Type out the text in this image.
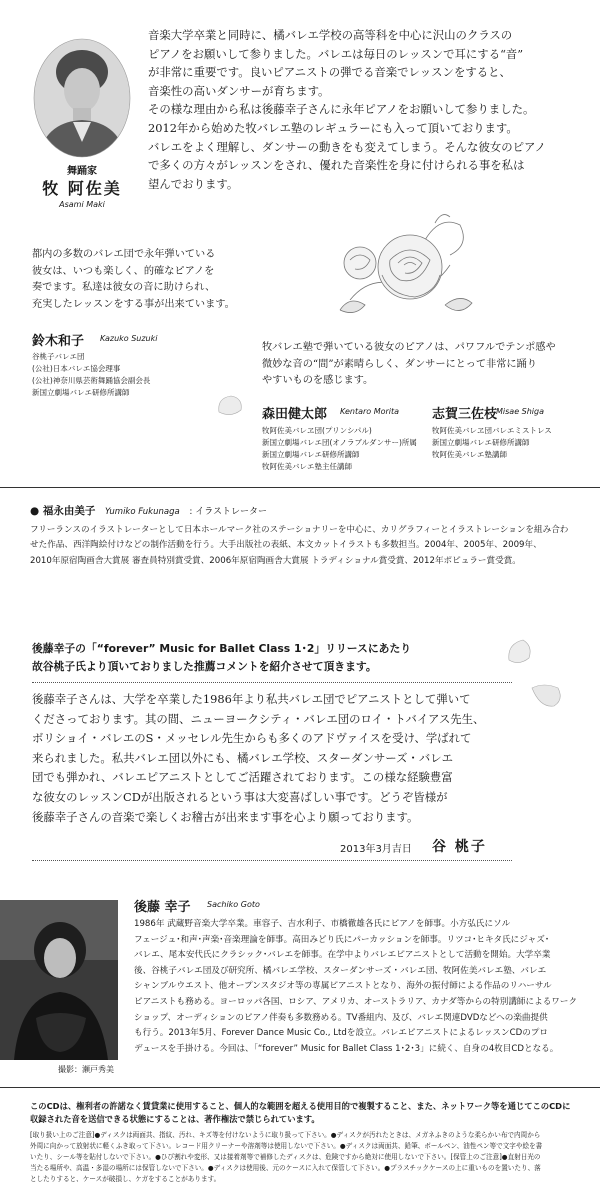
舞踊家
牧 阿佐美
Asami Maki
音楽大学卒業と同時に、橘バレエ学校の高等科を中心に沢山のクラスの
ピアノをお願いして参りました。バレエは毎日のレッスンで耳にする“音”
が非常に重要です。良いピアニストの弾でる音楽でレッスンをすると、
音楽性の高いダンサーが育ちます。
その様な理由から私は後藤幸子さんに永年ピアノをお願いして参りました。
2012年から始めた牧バレエ塾のレギュラーにも入って頂いております。
バレエをよく理解し、ダンサーの動きをも変えてしまう。そんな彼女のピアノ
で多くの方々がレッスンをされ、優れた音楽性を身に付けられる事を私は
望んでおります。
都内の多数のバレエ団で永年弾いている
彼女は、いつも楽しく、的確なピアノを
奏でます。私達は彼女の音に助けられ、
充実したレッスンをする事が出来ています。
鈴木和子 Kazuko Suzuki
谷桃子バレエ団
(公社)日本バレエ協会理事
(公社)神奈川県芸術舞踊協会副会長
新国立劇場バレエ研修所講師
牧バレエ塾で弾いている彼女のピアノは、パワフルでテンポ感や
微妙な音の“間”が素晴らしく、ダンサーにとって非常に踊り
やすいものを感じます。
森田健太郎 Kentaro Morita
牧阿佐美バレヱ団(プリンシパル)
新国立劇場バレエ団(オノラブルダンサー)所属
新国立劇場バレエ研修所講師
牧阿佐美バレエ塾主任講師
志賀三佐枝
Misae Shiga
牧阿佐美バレヱ団バレエミストレス
新国立劇場バレエ研修所講師
牧阿佐美バレエ塾講師
● 福永由美子 Yumiko Fukunaga : イラストレーター
フリーランスのイラストレーターとして日本ホールマーク社のステーショナリーを中心に、カリグラフィーとイラストレーションを組み合わ
せた作品、西洋陶絵付けなどの制作活動を行う。大手出版社の表紙、本文カットイラストも多数担当。2004年、2005年、2009年、
2010年原宿陶画舎大賞展 審査員特別賞受賞、2006年原宿陶画舎大賞展 トラディショナル賞受賞、2012年ポピュラー賞受賞。
後藤幸子の「“forever” Music for Ballet Class 1･2」リリースにあたり
故谷桃子氏より頂いておりました推薦コメントを紹介させて頂きます。
後藤幸子さんは、大学を卒業した1986年より私共バレエ団でピアニストとして弾いて
くださっております。其の間、ニューヨークシティ・バレエ団のロイ・トバイアス先生、
ボリショイ・バレエのS・メッセレル先生からも多くのアドヴァイスを受け、学ばれて
来られました。私共バレエ団以外にも、橘バレエ学校、スターダンサーズ・バレエ
団でも弾かれ、バレエピアニストとしてご活躍されております。この様な経験豊富
な彼女のレッスンCDが出版されるという事は大変喜ばしい事です。どうぞ皆様が
後藤幸子さんの音楽で楽しくお稽古が出来ます事を心より願っております。
2013年3月吉日 谷 桃子
撮影：瀬戸秀美
後藤 幸子 Sachiko Goto
1986年 武蔵野音楽大学卒業。車容子、吉水利子、市橋徹雄各氏にピアノを師事。小方弘氏にソル
フェージュ･和声･声楽･音楽理論を師事。高田みどり氏にパーカッションを師事。リツコ･ヒキタ氏にジャズ･
バレエ、尾本安代氏にクラシック･バレエを師事。在学中よりバレエピアニストとして活動を開始。大学卒業
後、谷桃子バレエ団及び研究所、橘バレエ学校、スターダンサーズ・バレエ団、牧阿佐美バレエ塾、バレエ
シャンブルウエスト、他オープンスタジオ等の専属ピアニストとなり、海外の振付師による作品のリハーサル
ピアニストも務める。ヨーロッパ各国、ロシア、アメリカ、オーストラリア、カナダ等からの特別講師によるワーク
ショップ、オーディションのピアノ伴奏も多数務める。TV番組内、及び、バレエ関連DVDなどへの楽曲提供
も行う。2013年5月、Forever Dance Music Co., Ltdを設立。バレエピアニストによるレッスンCDのプロ
デュースを手掛ける。今回は、「“forever” Music for Ballet Class 1･2･3」に続く、自身の4枚目CDとなる。
このCDは、権利者の許諾なく賃貸業に使用すること、個人的な範囲を超える使用目的で複製すること、また、ネットワーク等を通じてこのCDに
収録された音を送信できる状態にすることは、著作権法で禁じられています。
[取り扱い上のご注意]●ディスクは両面共、指紋、汚れ、キズ等を付けないように取り扱って下さい。●ディスクが汚れたときは、メガネふきのような柔らかい布で内周から
外周に向かって放射状に軽くふき取って下さい。レコード用クリーナーや溶剤等は使用しないで下さい。●ディスクは両面共、鉛筆、ボールペン、油性ペン等で文字や絵を書
いたり、シール等を貼付しないで下さい。●ひび割れや変形、又は接着剤等で補修したディスクは、危険ですから絶対に使用しないで下さい。[保管上のご注意]●直射日光の
当たる場所や、高温・多湿の場所には保管しないで下さい。●ディスクは使用後、元のケースに入れて保管して下さい。●プラスチックケースの上に重いものを置いたり、落
としたりすると、ケースが破損し、ケガをすることがあります。
